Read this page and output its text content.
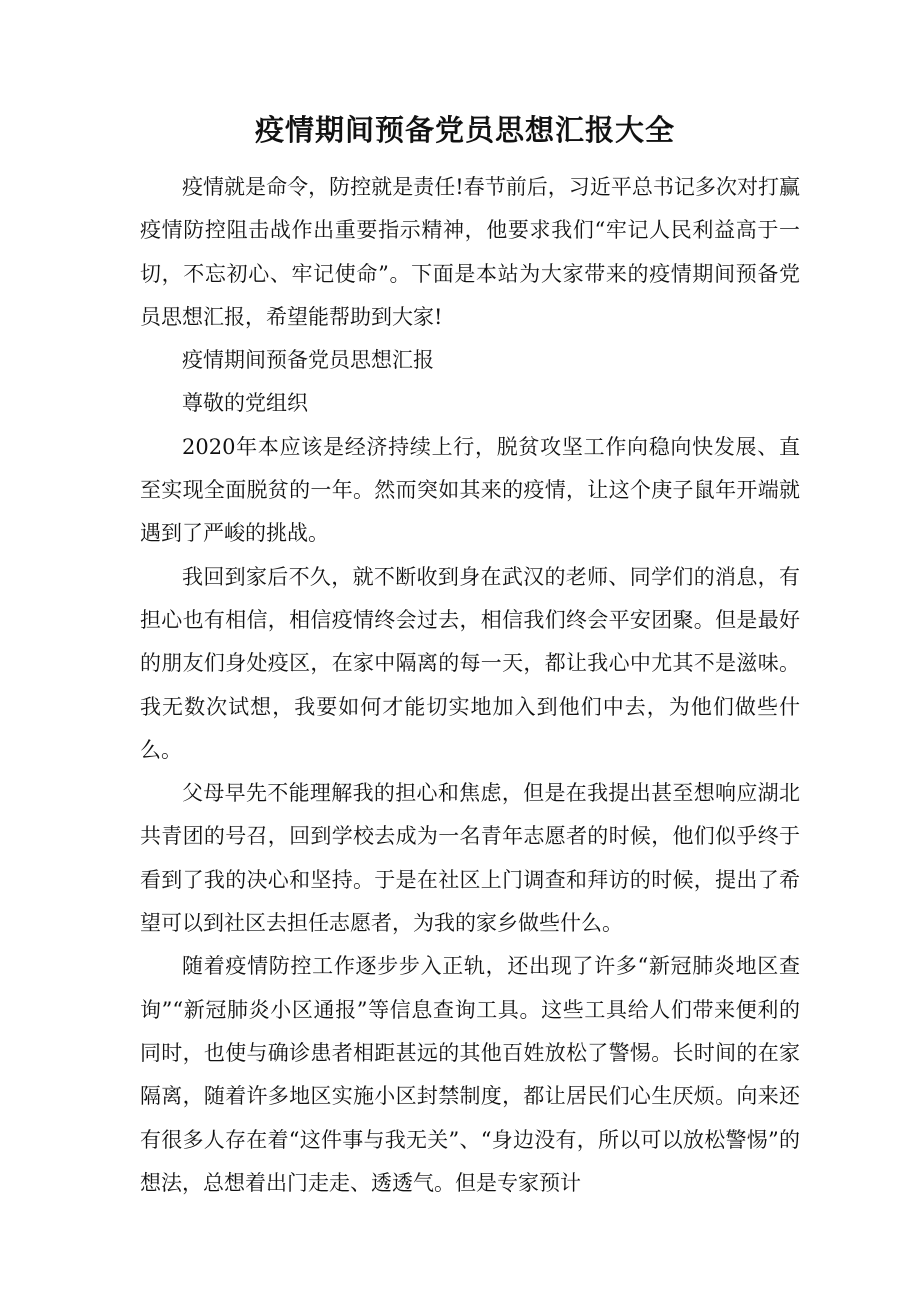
疫情期间预备党员思想汇报大全

疫情就是命令，防控就是责任!春节前后，习近平总书记多次对打赢疫情防控阻击战作出重要指示精神，他要求我们“牢记人民利益高于一切，不忘初心、牢记使命”。下面是本站为大家带来的疫情期间预备党员思想汇报，希望能帮助到大家!

疫情期间预备党员思想汇报

尊敬的党组织

2020年本应该是经济持续上行，脱贫攻坚工作向稳向快发展、直至实现全面脱贫的一年。然而突如其来的疫情，让这个庚子鼠年开端就遇到了严峻的挑战。

我回到家后不久，就不断收到身在武汉的老师、同学们的消息，有担心也有相信，相信疫情终会过去，相信我们终会平安团聚。但是最好的朋友们身处疫区，在家中隔离的每一天，都让我心中尤其不是滋味。我无数次试想，我要如何才能切实地加入到他们中去，为他们做些什么。

父母早先不能理解我的担心和焦虑，但是在我提出甚至想响应湖北共青团的号召，回到学校去成为一名青年志愿者的时候，他们似乎终于看到了我的决心和坚持。于是在社区上门调查和拜访的时候，提出了希望可以到社区去担任志愿者，为我的家乡做些什么。

随着疫情防控工作逐步步入正轨，还出现了许多“新冠肺炎地区查询”“新冠肺炎小区通报”等信息查询工具。这些工具给人们带来便利的同时，也使与确诊患者相距甚远的其他百姓放松了警惕。长时间的在家隔离，随着许多地区实施小区封禁制度，都让居民们心生厌烦。向来还有很多人存在着“这件事与我无关”、“身边没有，所以可以放松警惕”的想法，总想着出门走走、透透气。但是专家预计
